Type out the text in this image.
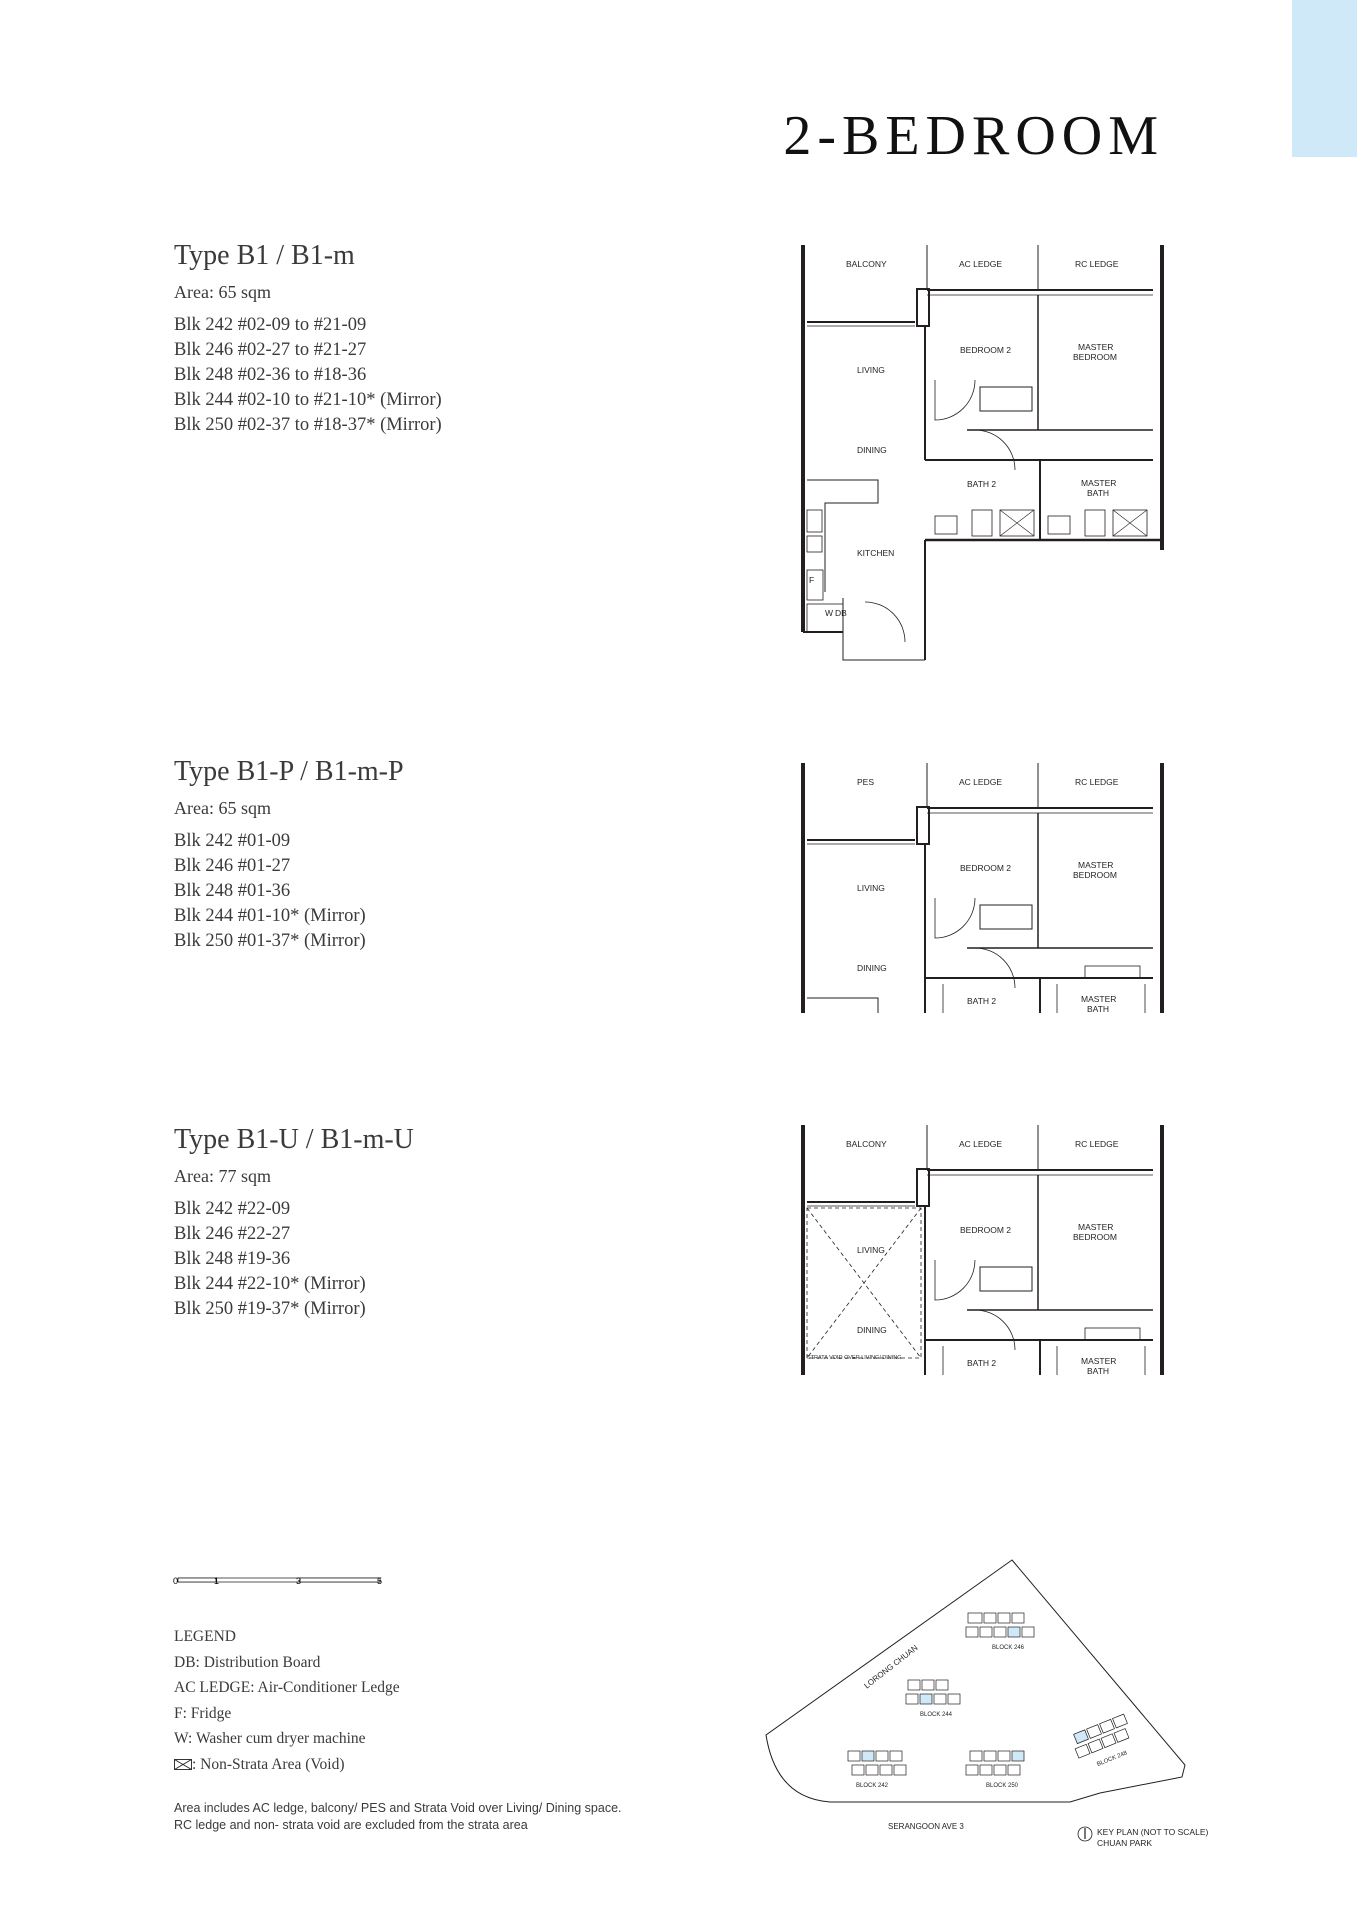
2-BEDROOM
Type B1 / B1-m
Area: 65 sqm
Blk 242 #02-09 to #21-09
Blk 246 #02-27 to #21-27
Blk 248 #02-36 to #18-36
Blk 244 #02-10 to #21-10* (Mirror)
Blk 250 #02-37 to #18-37* (Mirror)
BALCONY	AC LEDGE	RC LEDGE
LIVING
DINING
BEDROOM 2	MASTER
BEDROOM
BATH 2	MASTER
BATH
KITCHEN
F
W DB
Type B1-P / B1-m-P
Area: 65 sqm
Blk 242 #01-09
Blk 246 #01-27
Blk 248 #01-36
Blk 244 #01-10* (Mirror)
Blk 250 #01-37* (Mirror)
PES	AC LEDGE	RC LEDGE
LIVING
DINING
BEDROOM 2	MASTER
BEDROOM
BATH 2	MASTER
BATH
Type B1-U / B1-m-U
Area: 77 sqm
Blk 242 #22-09
Blk 246 #22-27
Blk 248 #19-36
Blk 244 #22-10* (Mirror)
Blk 250 #19-37* (Mirror)
BALCONY	AC LEDGE	RC LEDGE
LIVING
DINING
BEDROOM 2	MASTER
BEDROOM
BATH 2	MASTER
BATH
STRATA VOID OVER LIVING/ DINING
0	1	3	5
LEGEND
DB: Distribution Board
AC LEDGE: Air-Conditioner Ledge
F: Fridge
W: Washer cum dryer machine
: Non-Strata Area (Void)
Area includes AC ledge, balcony/ PES and Strata Void over Living/ Dining space.
RC ledge and non- strata void are excluded from the strata area
BLOCK 246
BLOCK 244
BLOCK 242	BLOCK 250
BLOCK 248
LORONG CHUAN
SERANGOON AVE 3
KEY PLAN (NOT TO SCALE)
CHUAN PARK
